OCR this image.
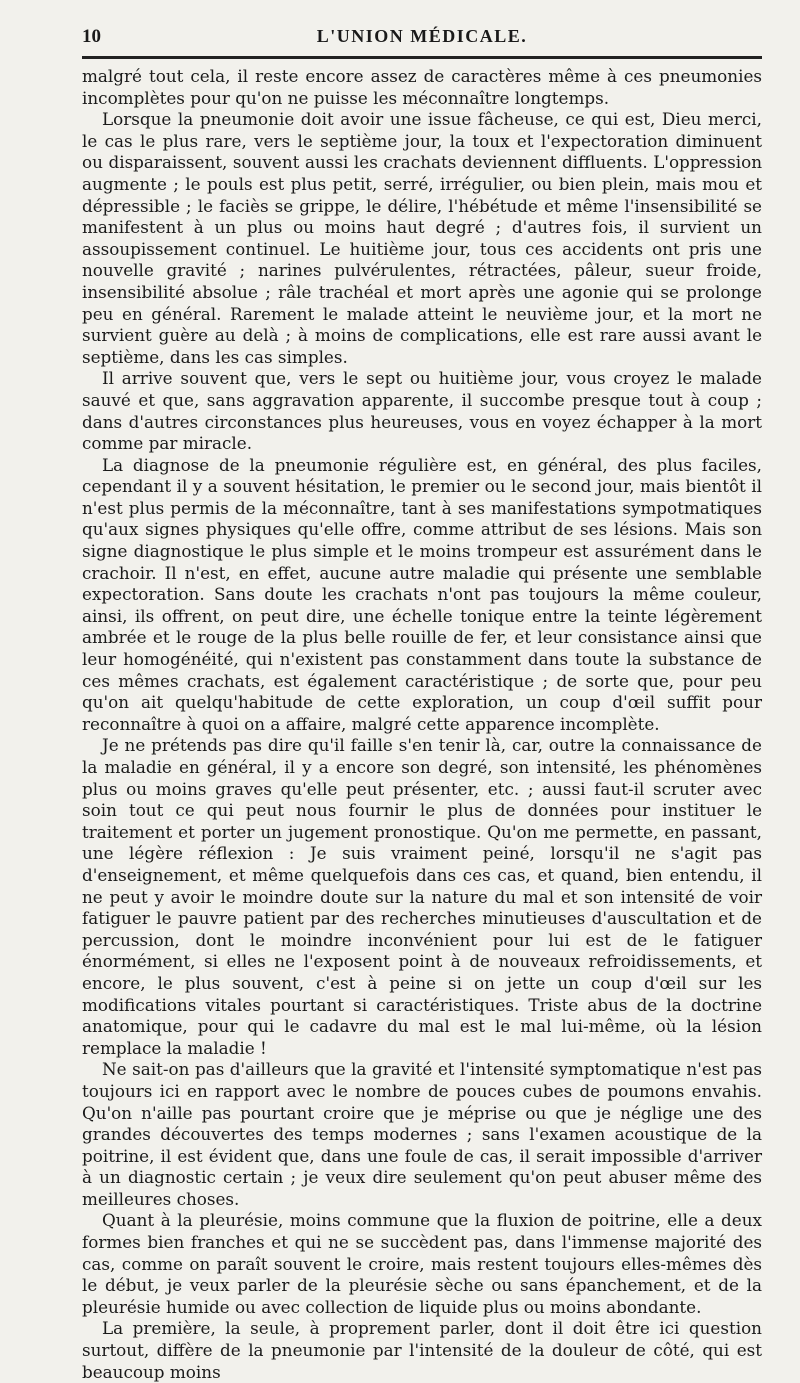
10	L'UNION MÉDICALE.

malgré tout cela, il reste encore assez de caractères même à ces pneumonies incomplètes pour qu'on ne puisse les méconnaître longtemps.

Lorsque la pneumonie doit avoir une issue fâcheuse, ce qui est, Dieu merci, le cas le plus rare, vers le septième jour, la toux et l'expectoration diminuent ou disparaissent, souvent aussi les crachats deviennent diffluents. L'oppression augmente ; le pouls est plus petit, serré, irrégulier, ou bien plein, mais mou et dépressible ; le faciès se grippe, le délire, l'hébétude et même l'insensibilité se manifestent à un plus ou moins haut degré ; d'autres fois, il survient un assoupissement continuel. Le huitième jour, tous ces accidents ont pris une nouvelle gravité ; narines pulvérulentes, rétractées, pâleur, sueur froide, insensibilité absolue ; râle trachéal et mort après une agonie qui se prolonge peu en général. Rarement le malade atteint le neuvième jour, et la mort ne survient guère au delà ; à moins de complications, elle est rare aussi avant le septième, dans les cas simples.

Il arrive souvent que, vers le sept ou huitième jour, vous croyez le malade sauvé et que, sans aggravation apparente, il succombe presque tout à coup ; dans d'autres circonstances plus heureuses, vous en voyez échapper à la mort comme par miracle.

La diagnose de la pneumonie régulière est, en général, des plus faciles, cependant il y a souvent hésitation, le premier ou le second jour, mais bientôt il n'est plus permis de la méconnaître, tant à ses manifestations sympotmatiques qu'aux signes physiques qu'elle offre, comme attribut de ses lésions. Mais son signe diagnostique le plus simple et le moins trompeur est assurément dans le crachoir. Il n'est, en effet, aucune autre maladie qui présente une semblable expectoration. Sans doute les crachats n'ont pas toujours la même couleur, ainsi, ils offrent, on peut dire, une échelle tonique entre la teinte légèrement ambrée et le rouge de la plus belle rouille de fer, et leur consistance ainsi que leur homogénéité, qui n'existent pas constamment dans toute la substance de ces mêmes crachats, est également caractéristique ; de sorte que, pour peu qu'on ait quelqu'habitude de cette exploration, un coup d'œil suffit pour reconnaître à quoi on a affaire, malgré cette apparence incomplète.

Je ne prétends pas dire qu'il faille s'en tenir là, car, outre la connaissance de la maladie en général, il y a encore son degré, son intensité, les phénomènes plus ou moins graves qu'elle peut présenter, etc. ; aussi faut-il scruter avec soin tout ce qui peut nous fournir le plus de données pour instituer le traitement et porter un jugement pronostique. Qu'on me permette, en passant, une légère réflexion : Je suis vraiment peiné, lorsqu'il ne s'agit pas d'enseignement, et même quelquefois dans ces cas, et quand, bien entendu, il ne peut y avoir le moindre doute sur la nature du mal et son intensité de voir fatiguer le pauvre patient par des recherches minutieuses d'auscultation et de percussion, dont le moindre inconvénient pour lui est de le fatiguer énormément, si elles ne l'exposent point à de nouveaux refroidissements, et encore, le plus souvent, c'est à peine si on jette un coup d'œil sur les modifications vitales pourtant si caractéristiques. Triste abus de la doctrine anatomique, pour qui le cadavre du mal est le mal lui-même, où la lésion remplace la maladie !

Ne sait-on pas d'ailleurs que la gravité et l'intensité symptomatique n'est pas toujours ici en rapport avec le nombre de pouces cubes de poumons envahis. Qu'on n'aille pas pourtant croire que je méprise ou que je néglige une des grandes découvertes des temps modernes ; sans l'examen acoustique de la poitrine, il est évident que, dans une foule de cas, il serait impossible d'arriver à un diagnostic certain ; je veux dire seulement qu'on peut abuser même des meilleures choses.

Quant à la pleurésie, moins commune que la fluxion de poitrine, elle a deux formes bien franches et qui ne se succèdent pas, dans l'immense majorité des cas, comme on paraît souvent le croire, mais restent toujours elles-mêmes dès le début, je veux parler de la pleurésie sèche ou sans épanchement, et de la pleurésie humide ou avec collection de liquide plus ou moins abondante.

La première, la seule, à proprement parler, dont il doit être ici question surtout, diffère de la pneumonie par l'intensité de la douleur de côté, qui est beaucoup moins
